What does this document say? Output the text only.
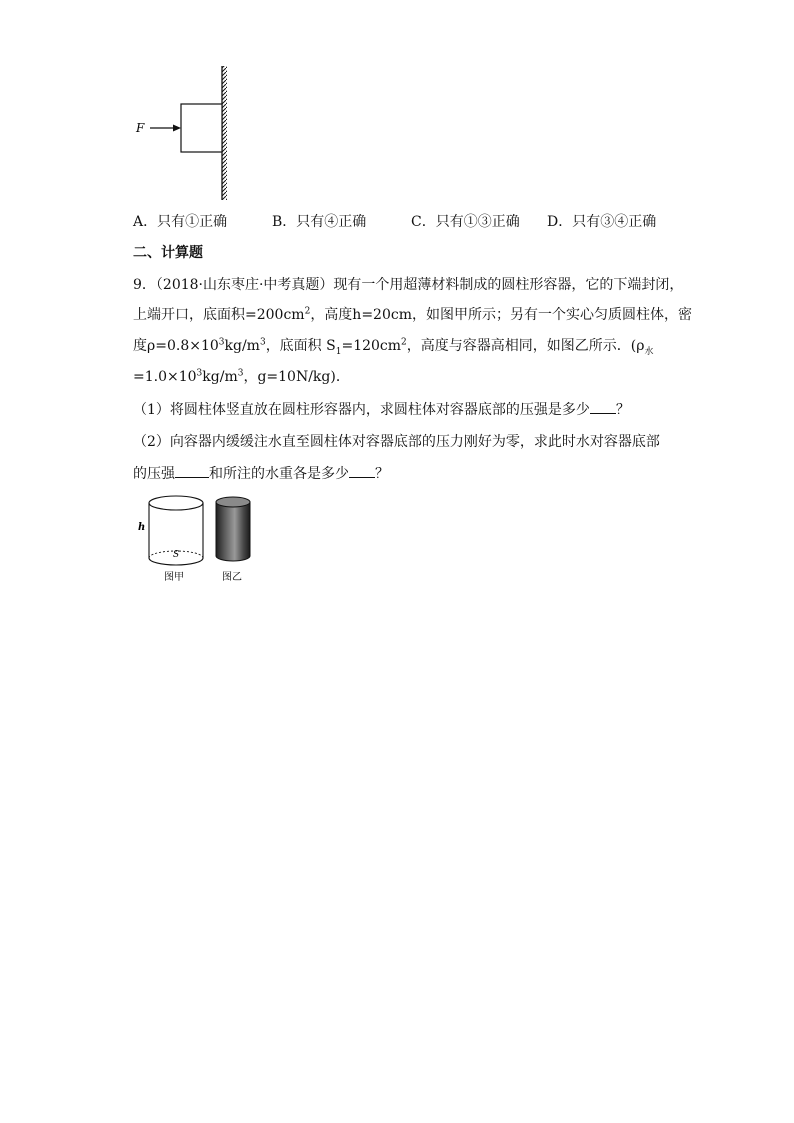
F
A．只有①正确	B．只有④正确	C．只有①③正确 D．只有③④正确
二、计算题
9．（2018·山东枣庄·中考真题）现有一个用超薄材料制成的圆柱形容器，它的下端封闭，
上端开口，底面积$=200cm^2$，高度h=20cm，如图甲所示；另有一个实心匀质圆柱体，密
度$\rho=0.8\times 10^3kg/m^3$，底面积 $S_1=120cm^2$，高度与容器高相同，如图乙所示．($\rho_水$
$=1.0\times 10^3kg/m^3$，g=10N/kg)．
（1）将圆柱体竖直放在圆柱形容器内，求圆柱体对容器底部的压强是多少 ？
（2）向容器内缓缓注水直至圆柱体对容器底部的压力刚好为零，求此时水对容器底部
的压强 和所注的水重各是多少 ？
h
S
图甲	图乙
